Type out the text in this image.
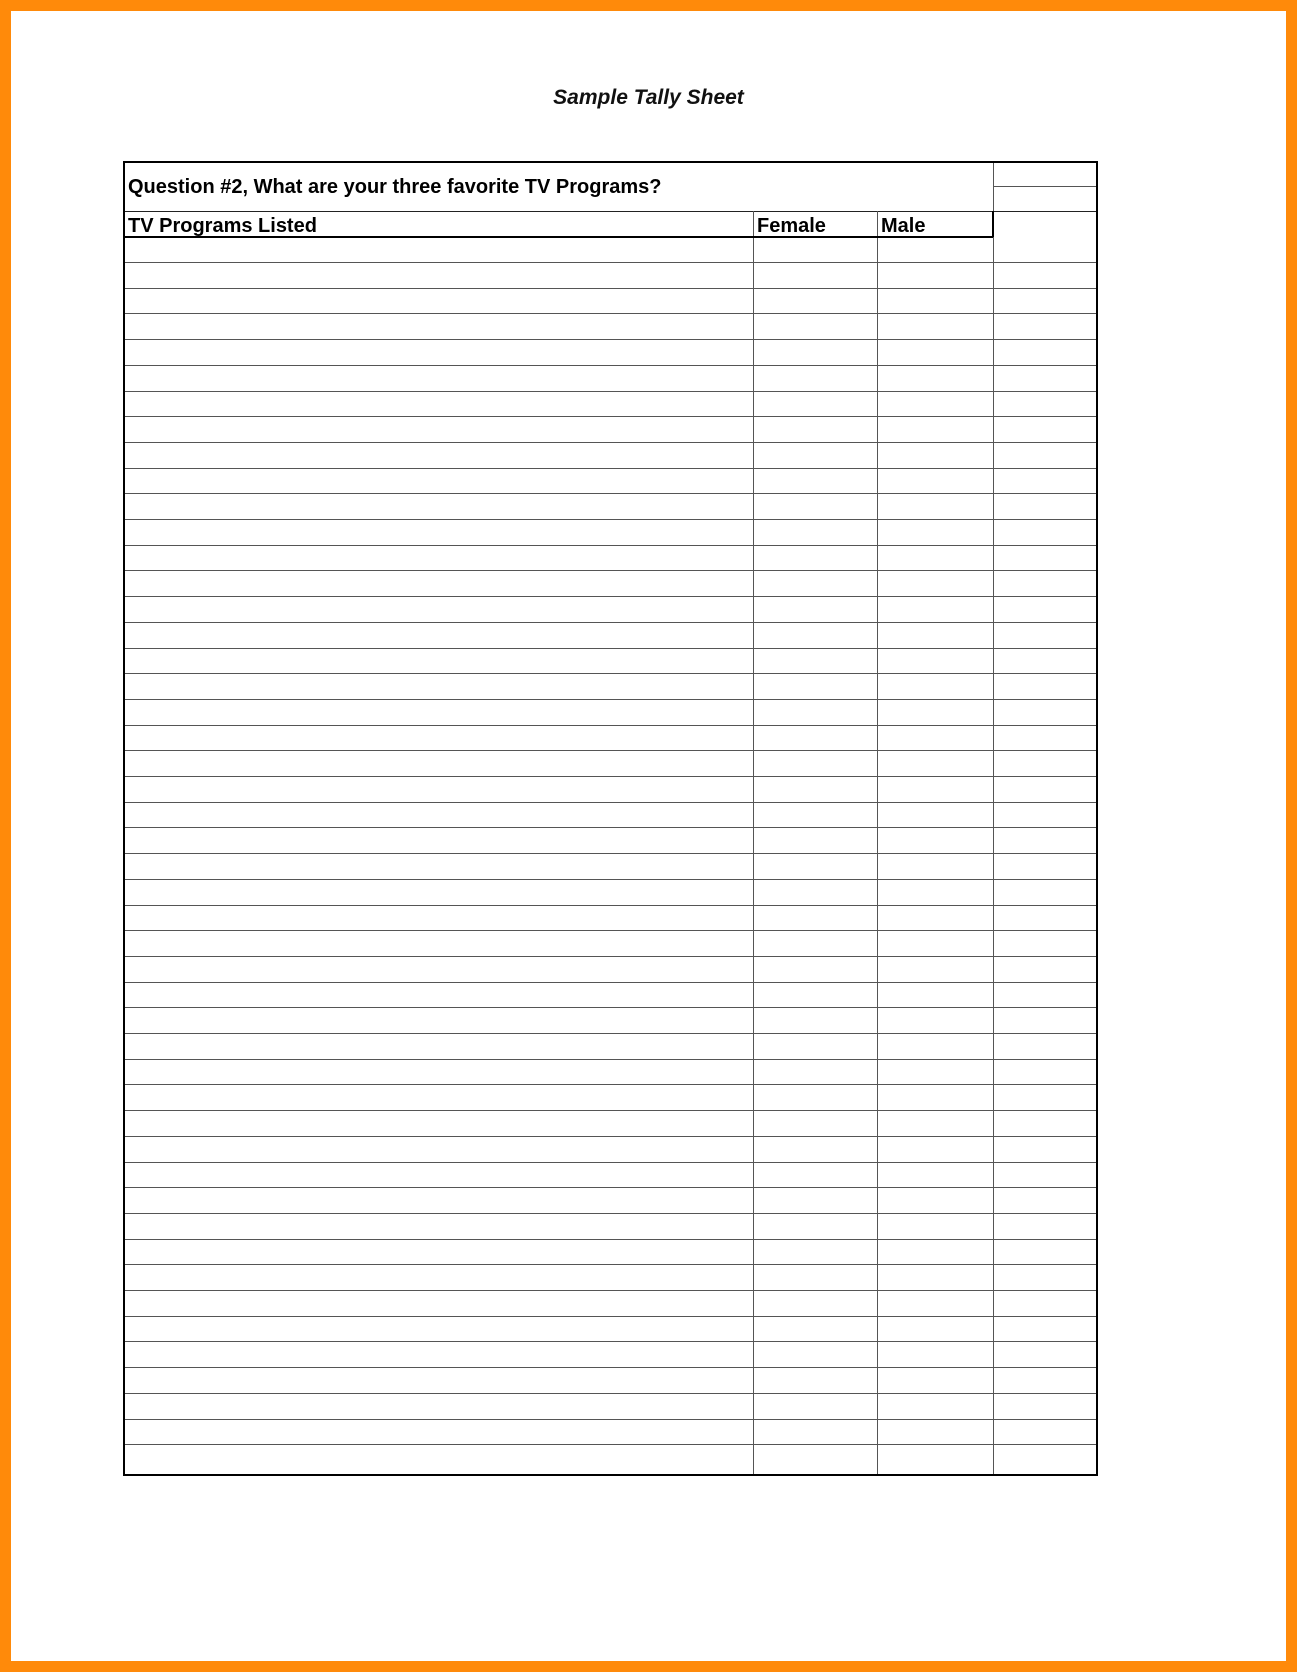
Sample Tally Sheet
Question #2, What are your three favorite TV Programs?
TV Programs Listed	Female	Male
